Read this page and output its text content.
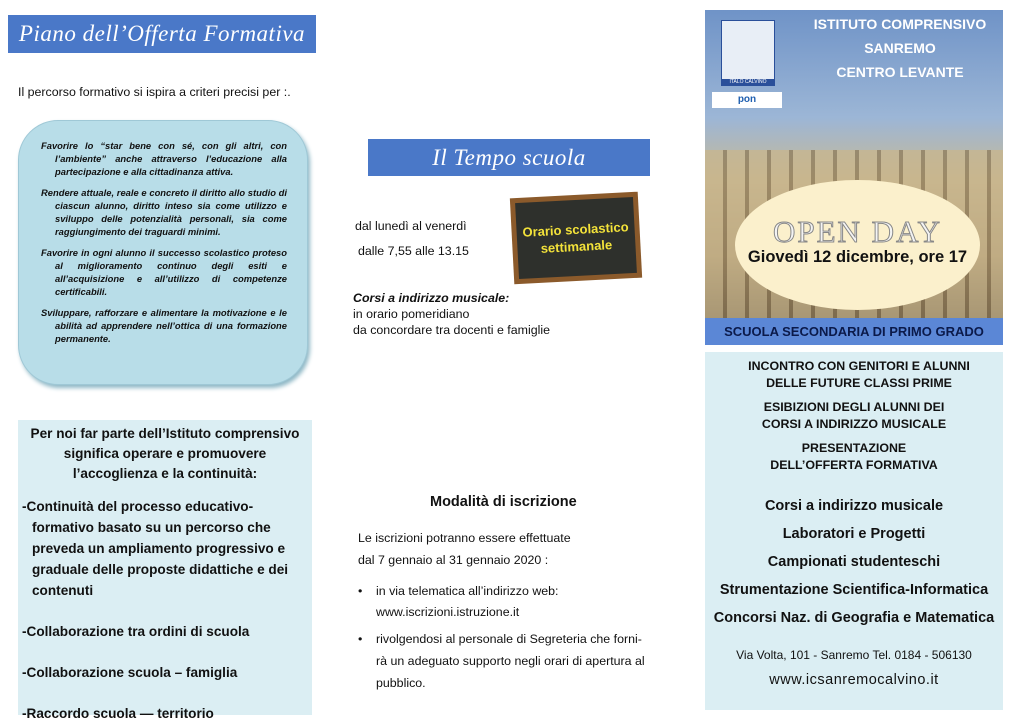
Piano dell’Offerta Formativa
Il percorso formativo si ispira a criteri precisi per :.

Favorire lo “star bene con sé, con gli altri, con l’ambiente” anche attraverso l’educazione alla partecipazione e alla cittadinanza attiva.

Rendere attuale, reale e concreto il diritto allo studio di ciascun alunno, diritto inteso sia come utilizzo e sviluppo delle potenzialità personali, sia come raggiungimento dei traguardi minimi.

Favorire in ogni alunno il successo scolastico proteso al miglioramento continuo degli esiti e all’acquisizione e all’utilizzo di competenze certificabili.

Sviluppare, rafforzare e alimentare la motivazione e le abilità ad apprendere nell’ottica di una formazione permanente.

Per noi far parte dell’Istituto comprensivo significa operare e promuovere l’accoglienza e la continuità:
-Continuità del processo educativo-formativo basato su un percorso che preveda un ampliamento progressivo e graduale delle proposte didattiche e dei contenuti
-Collaborazione tra ordini di scuola
-Collaborazione scuola – famiglia
-Raccordo scuola — territorio
Il Tempo scuola
dal lunedì al venerdì
dalle 7,55 alle 13.15
Orario scolastico settimanale
Corsi a indirizzo musicale:
in orario pomeridiano
da concordare tra docenti e famiglie
Modalità di iscrizione
Le iscrizioni potranno essere effettuate
dal 7 gennaio al 31 gennaio 2020 :
• in via telematica all’indirizzo web:
www.iscrizioni.istruzione.it
• rivolgendosi al personale di Segreteria che forni-
rà un adeguato supporto negli orari di apertura al
pubblico.
ISTITUTO COMPRENSIVO
SANREMO
CENTRO LEVANTE
ITALO CALVINO
pon
OPEN DAY
Giovedì 12 dicembre, ore 17
SCUOLA SECONDARIA DI PRIMO GRADO
INCONTRO CON GENITORI E ALUNNI DELLE FUTURE CLASSI PRIME
ESIBIZIONI DEGLI ALUNNI DEI CORSI A INDIRIZZO MUSICALE
PRESENTAZIONE DELL’OFFERTA FORMATIVA
Corsi a indirizzo musicale
Laboratori e Progetti
Campionati studenteschi
Strumentazione Scientifica-Informatica
Concorsi Naz. di Geografia e Matematica
Via Volta, 101 - Sanremo Tel. 0184 - 506130
www.icsanremocalvino.it
